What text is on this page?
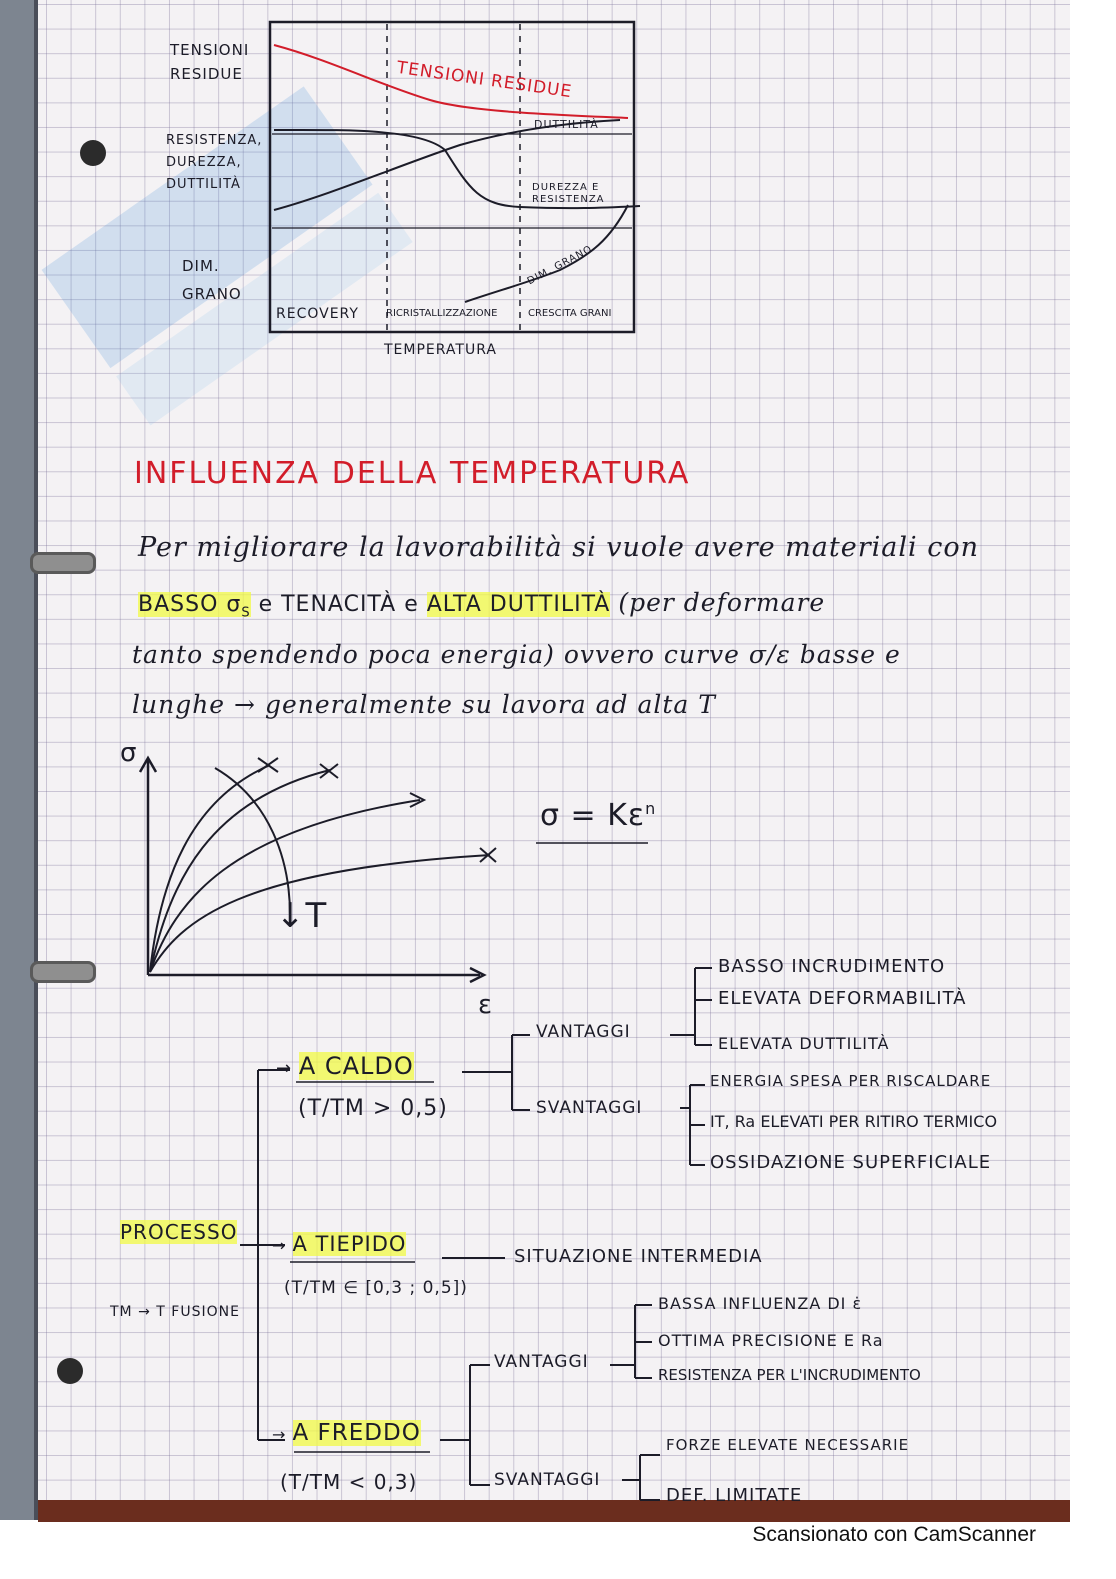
TENSIONI RESIDUE
RESISTENZA, DUREZZA, DUTTILITÀ
DIM. GRANO
TENSIONI RESIDUE
DUTTILITÀ
DUREZZA E RESISTENZA
DIM. GRANO
RECOVERY	RICRISTALLIZZAZIONE	CRESCITA GRANI
TEMPERATURA
INFLUENZA DELLA TEMPERATURA
Per migliorare la lavorabilità si vuole avere materiali con
BASSO $\sigma_S$ e TENACITÀ e ALTA DUTTILITÀ (per deformare
tanto spendendo poca energia) ovvero curve σ/ε basse e
lunghe → generalmente su lavora ad alta T
σ
ε
↓T
$\sigma = K\varepsilon^n$
PROCESSO
TM → T FUSIONE
→ A CALDO
(T/TM > 0,5)
VANTAGGI
BASSO INCRUDIMENTO
ELEVATA DEFORMABILITÀ
ELEVATA DUTTILITÀ
SVANTAGGI
ENERGIA SPESA PER RISCALDARE
IT, Ra ELEVATI PER RITIRO TERMICO
OSSIDAZIONE SUPERFICIALE
→ A TIEPIDO
(T/TM ∈ [0,3 ; 0,5])
SITUAZIONE INTERMEDIA
→ A FREDDO
(T/TM < 0,3)
VANTAGGI
BASSA INFLUENZA DI ε̇
OTTIMA PRECISIONE E Ra
RESISTENZA PER L'INCRUDIMENTO
SVANTAGGI
FORZE ELEVATE NECESSARIE
DEF. LIMITATE
Scansionato con CamScanner
